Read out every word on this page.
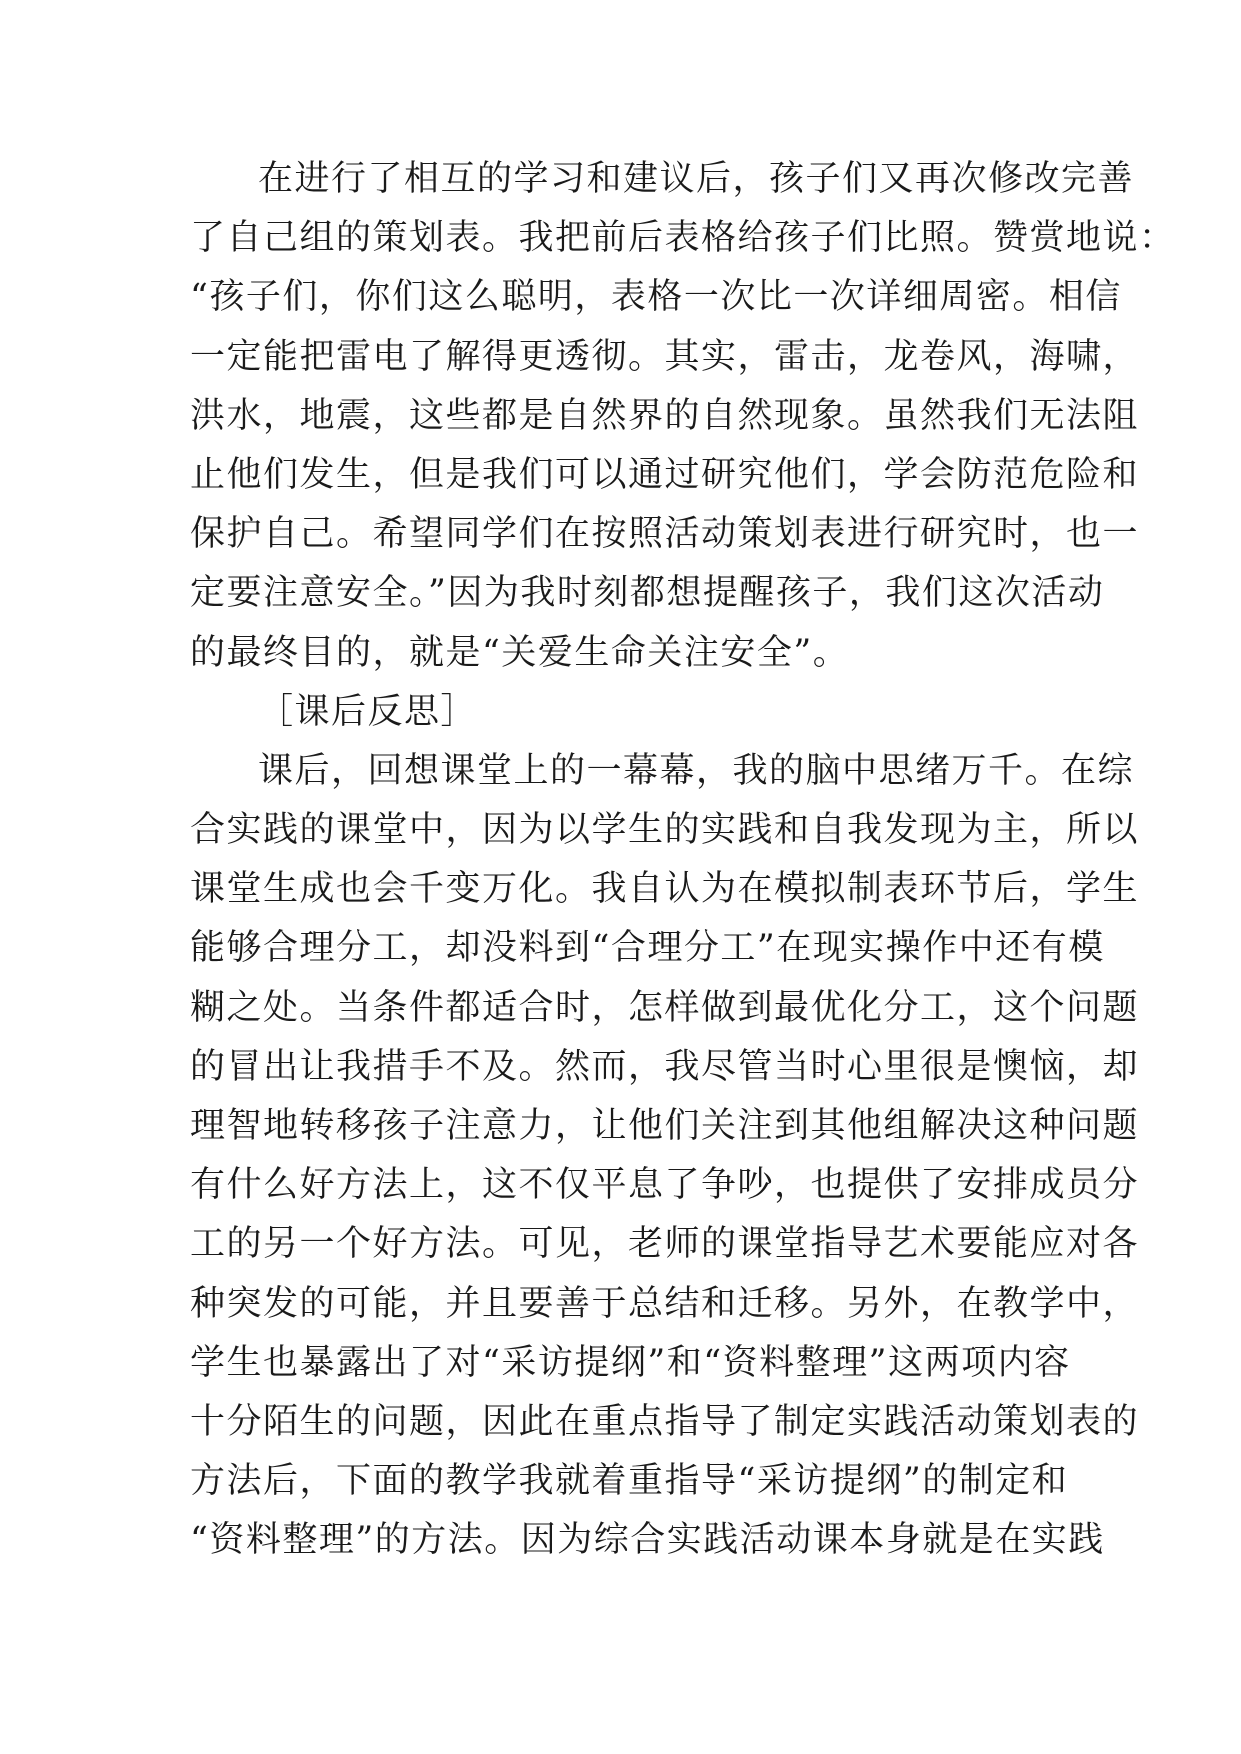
在进行了相互的学习和建议后，孩子们又再次修改完善
了自己组的策划表。我把前后表格给孩子们比照。赞赏地说：
“孩子们，你们这么聪明，表格一次比一次详细周密。相信
一定能把雷电了解得更透彻。其实，雷击，龙卷风，海啸，
洪水，地震，这些都是自然界的自然现象。虽然我们无法阻
止他们发生，但是我们可以通过研究他们，学会防范危险和
保护自己。希望同学们在按照活动策划表进行研究时，也一
定要注意安全。”因为我时刻都想提醒孩子，我们这次活动
的最终目的，就是“关爱生命关注安全”。
［课后反思］
课后，回想课堂上的一幕幕，我的脑中思绪万千。在综
合实践的课堂中，因为以学生的实践和自我发现为主，所以
课堂生成也会千变万化。我自认为在模拟制表环节后，学生
能够合理分工，却没料到“合理分工”在现实操作中还有模
糊之处。当条件都适合时，怎样做到最优化分工，这个问题
的冒出让我措手不及。然而，我尽管当时心里很是懊恼，却
理智地转移孩子注意力，让他们关注到其他组解决这种问题
有什么好方法上，这不仅平息了争吵，也提供了安排成员分
工的另一个好方法。可见，老师的课堂指导艺术要能应对各
种突发的可能，并且要善于总结和迁移。另外，在教学中，
学生也暴露出了对“采访提纲”和“资料整理”这两项内容
十分陌生的问题，因此在重点指导了制定实践活动策划表的
方法后，下面的教学我就着重指导“采访提纲”的制定和
“资料整理”的方法。因为综合实践活动课本身就是在实践
